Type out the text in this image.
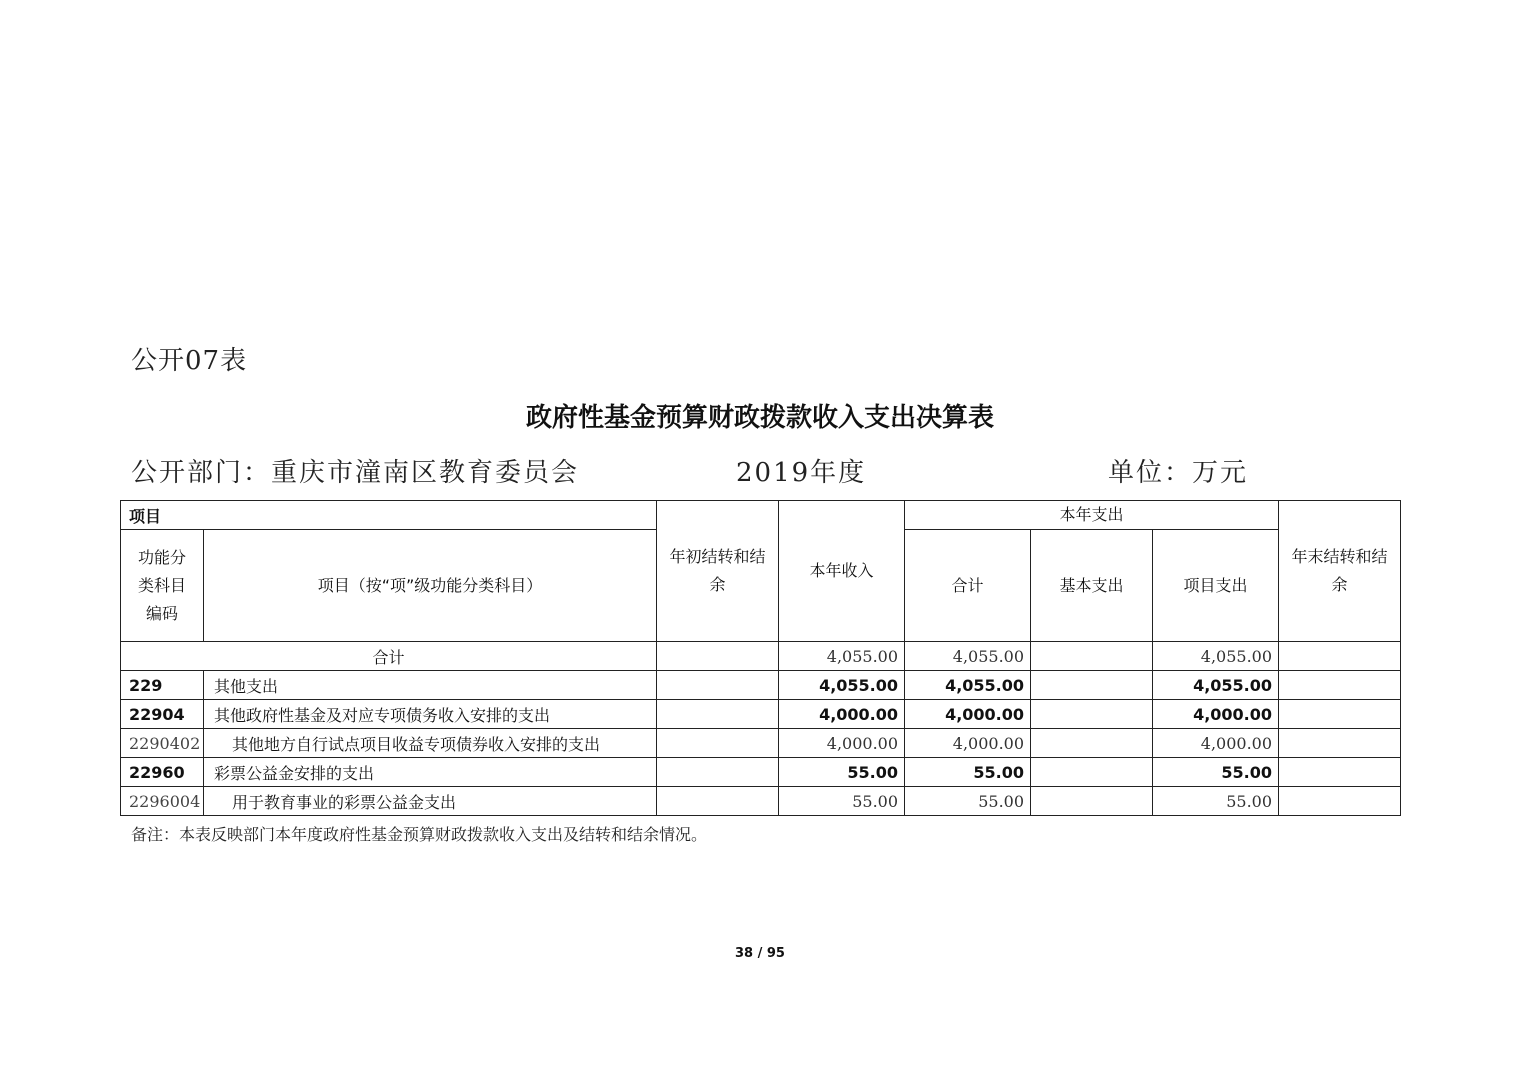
公开07表
政府性基金预算财政拨款收入支出决算表
公开部门：重庆市潼南区教育委员会	2019年度	单位：万元
项目		年初结转和结余	本年收入	本年支出			年末结转和结余
功能分类科目编码	项目（按“项”级功能分类科目）			合计	基本支出	项目支出	
合计			4,055.00	4,055.00		4,055.00	
229	其他支出		4,055.00	4,055.00		4,055.00	
22904	其他政府性基金及对应专项债务收入安排的支出		4,000.00	4,000.00		4,000.00	
2290402	其他地方自行试点项目收益专项债券收入安排的支出		4,000.00	4,000.00		4,000.00	
22960	彩票公益金安排的支出		55.00	55.00		55.00	
2296004	用于教育事业的彩票公益金支出		55.00	55.00		55.00	
备注：本表反映部门本年度政府性基金预算财政拨款收入支出及结转和结余情况。
38 / 95
